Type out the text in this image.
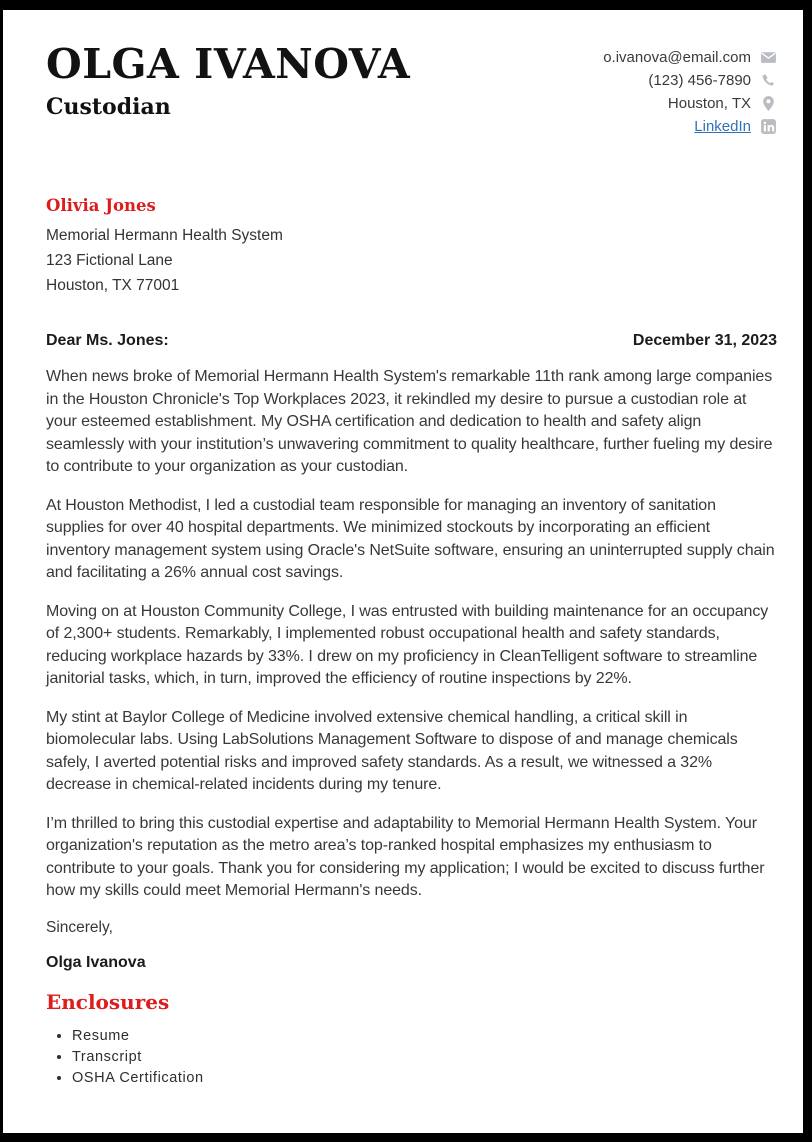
OLGA IVANOVA
Custodian
o.ivanova@email.com
(123) 456-7890
Houston, TX
LinkedIn
Olivia Jones
Memorial Hermann Health System
123 Fictional Lane
Houston, TX 77001
Dear Ms. Jones:	December 31, 2023

When news broke of Memorial Hermann Health System's remarkable 11th rank among large companies in the Houston Chronicle's Top Workplaces 2023, it rekindled my desire to pursue a custodian role at your esteemed establishment. My OSHA certification and dedication to health and safety align seamlessly with your institution’s unwavering commitment to quality healthcare, further fueling my desire to contribute to your organization as your custodian.

At Houston Methodist, I led a custodial team responsible for managing an inventory of sanitation supplies for over 40 hospital departments. We minimized stockouts by incorporating an efficient inventory management system using Oracle's NetSuite software, ensuring an uninterrupted supply chain and facilitating a 26% annual cost savings.

Moving on at Houston Community College, I was entrusted with building maintenance for an occupancy of 2,300+ students. Remarkably, I implemented robust occupational health and safety standards, reducing workplace hazards by 33%. I drew on my proficiency in CleanTelligent software to streamline janitorial tasks, which, in turn, improved the efficiency of routine inspections by 22%.

My stint at Baylor College of Medicine involved extensive chemical handling, a critical skill in biomolecular labs. Using LabSolutions Management Software to dispose of and manage chemicals safely, I averted potential risks and improved safety standards. As a result, we witnessed a 32% decrease in chemical-related incidents during my tenure.

I’m thrilled to bring this custodial expertise and adaptability to Memorial Hermann Health System. Your organization's reputation as the metro area’s top-ranked hospital emphasizes my enthusiasm to contribute to your goals. Thank you for considering my application; I would be excited to discuss further how my skills could meet Memorial Hermann's needs.

Sincerely,
Olga Ivanova
Enclosures
• Resume
• Transcript
• OSHA Certification
